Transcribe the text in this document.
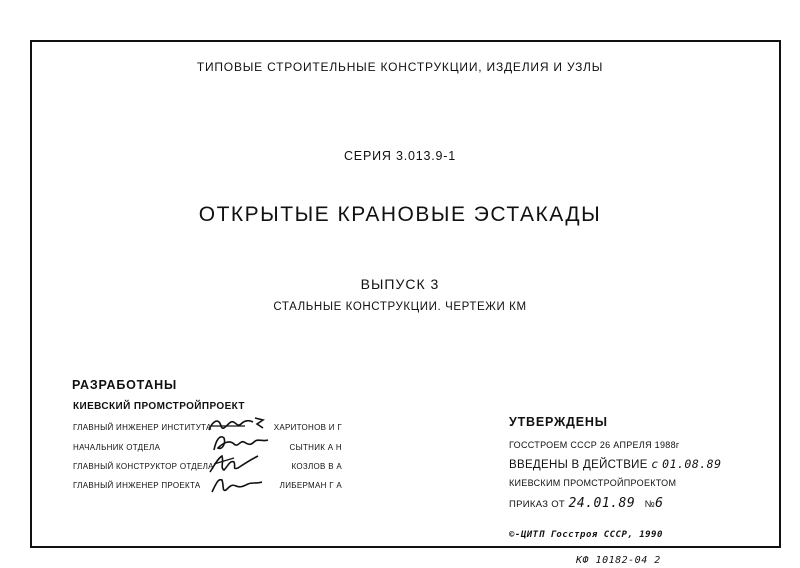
ТИПОВЫЕ СТРОИТЕЛЬНЫЕ КОНСТРУКЦИИ, ИЗДЕЛИЯ И УЗЛЫ
СЕРИЯ 3.013.9-1
ОТКРЫТЫЕ КРАНОВЫЕ ЭСТАКАДЫ
ВЫПУСК 3
СТАЛЬНЫЕ КОНСТРУКЦИИ. ЧЕРТЕЖИ КМ
РАЗРАБОТАНЫ
КИЕВСКИЙ ПРОМСТРОЙПРОЕКТ
ГЛАВНЫЙ ИНЖЕНЕР ИНСТИТУТА	ХАРИТОНОВ И Г
НАЧАЛЬНИК ОТДЕЛА	СЫТНИК А Н
ГЛАВНЫЙ КОНСТРУКТОР ОТДЕЛА	КОЗЛОВ В А
ГЛАВНЫЙ ИНЖЕНЕР ПРОЕКТА	ЛИБЕРМАН Г А
УТВЕРЖДЕНЫ
ГОССТРОЕМ СССР 26 АПРЕЛЯ 1988г
ВВЕДЕНЫ В ДЕЙСТВИЕ с 01.08.89
КИЕВСКИМ ПРОМСТРОЙПРОЕКТОМ
ПРИКАЗ ОТ 24.01.89 №6
©-ЦИТП Госстроя СССР, 1990
КФ 10182-04 2
